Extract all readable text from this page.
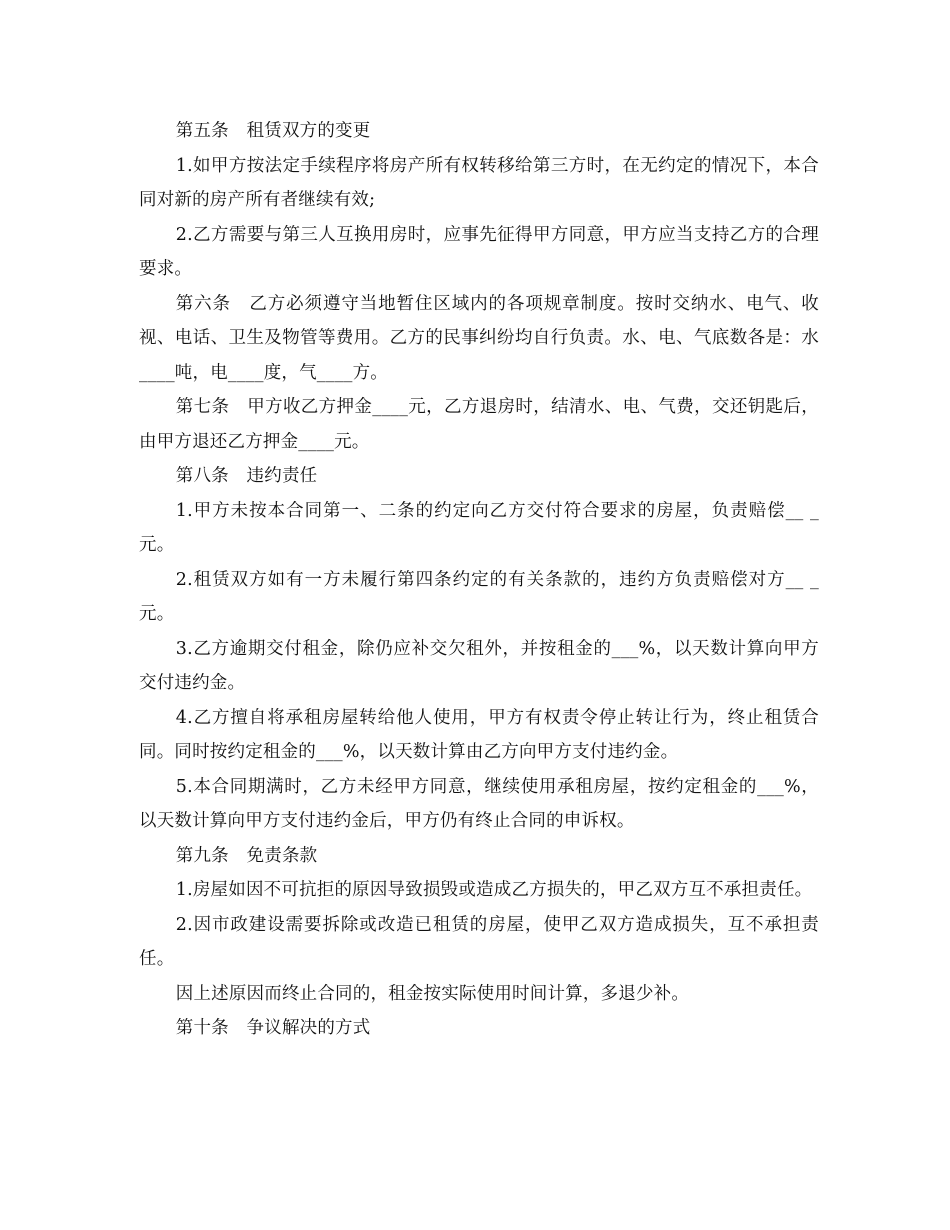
第五条　租赁双方的变更

1.如甲方按法定手续程序将房产所有权转移给第三方时，在无约定的情况下，本合同对新的房产所有者继续有效;

2.乙方需要与第三人互换用房时，应事先征得甲方同意，甲方应当支持乙方的合理要求。

第六条　乙方必须遵守当地暂住区域内的各项规章制度。按时交纳水、电气、收视、电话、卫生及物管等费用。乙方的民事纠纷均自行负责。水、电、气底数各是：水____吨，电____度，气____方。

第七条　甲方收乙方押金____元，乙方退房时，结清水、电、气费，交还钥匙后，由甲方退还乙方押金____元。

第八条　违约责任

1.甲方未按本合同第一、二条的约定向乙方交付符合要求的房屋，负责赔偿__ _元。

2.租赁双方如有一方未履行第四条约定的有关条款的，违约方负责赔偿对方__ _元。

3.乙方逾期交付租金，除仍应补交欠租外，并按租金的___%，以天数计算向甲方交付违约金。

4.乙方擅自将承租房屋转给他人使用，甲方有权责令停止转让行为，终止租赁合同。同时按约定租金的___%，以天数计算由乙方向甲方支付违约金。

5.本合同期满时，乙方未经甲方同意，继续使用承租房屋，按约定租金的___%，以天数计算向甲方支付违约金后，甲方仍有终止合同的申诉权。

第九条　免责条款

1.房屋如因不可抗拒的原因导致损毁或造成乙方损失的，甲乙双方互不承担责任。

2.因市政建设需要拆除或改造已租赁的房屋，使甲乙双方造成损失，互不承担责任。

因上述原因而终止合同的，租金按实际使用时间计算，多退少补。

第十条　争议解决的方式
